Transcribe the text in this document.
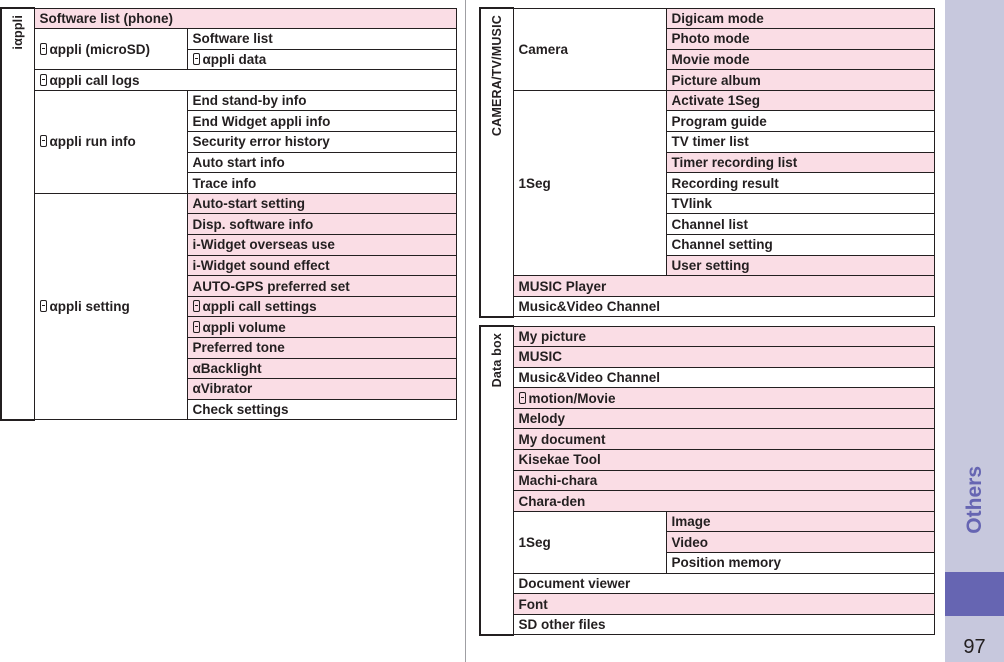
iαppli	Software list (phone)	
	αppli (microSD)	Software list
		αppli data
	αppli call logs	
	αppli run info	End stand-by info
		End Widget appli info
		Security error history
		Auto start info
		Trace info
	αppli setting	Auto-start setting
		Disp. software info
		i-Widget overseas use
		i-Widget sound effect
		AUTO-GPS preferred set
		αppli call settings
		αppli volume
		Preferred tone
		αBacklight
		αVibrator
		Check settings
CAMERA/TV/MUSIC	Camera	Digicam mode
		Photo mode
		Movie mode
		Picture album
	1Seg	Activate 1Seg
		Program guide
		TV timer list
		Timer recording list
		Recording result
		TVlink
		Channel list
		Channel setting
		User setting
	MUSIC Player	
	Music&Video Channel	
Data box	My picture	
	MUSIC	
	Music&Video Channel	
	motion/Movie	
	Melody	
	My document	
	Kisekae Tool	
	Machi-chara	
	Chara-den	
	1Seg	Image
		Video
		Position memory
	Document viewer	
	Font	
	SD other files	
Others
97
